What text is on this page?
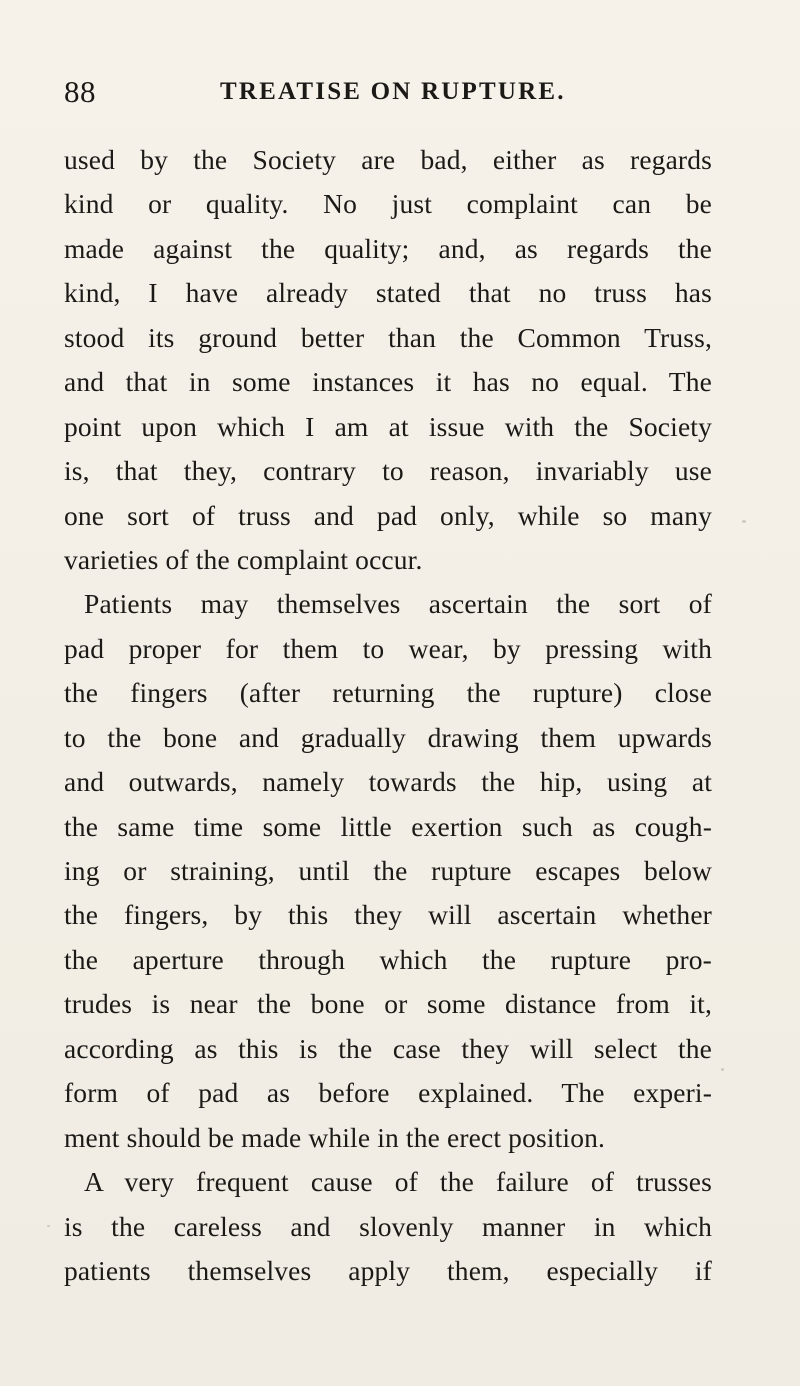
88	TREATISE ON RUPTURE.
used by the Society are bad, either as regards
kind or quality. No just complaint can be
made against the quality; and, as regards the
kind, I have already stated that no truss has
stood its ground better than the Common Truss,
and that in some instances it has no equal. The
point upon which I am at issue with the Society
is, that they, contrary to reason, invariably use
one sort of truss and pad only, while so many
varieties of the complaint occur.
Patients may themselves ascertain the sort of
pad proper for them to wear, by pressing with
the fingers (after returning the rupture) close
to the bone and gradually drawing them upwards
and outwards, namely towards the hip, using at
the same time some little exertion such as cough-
ing or straining, until the rupture escapes below
the fingers, by this they will ascertain whether
the aperture through which the rupture pro-
trudes is near the bone or some distance from it,
according as this is the case they will select the
form of pad as before explained. The experi-
ment should be made while in the erect position.
A very frequent cause of the failure of trusses
is the careless and slovenly manner in which
patients themselves apply them, especially if
